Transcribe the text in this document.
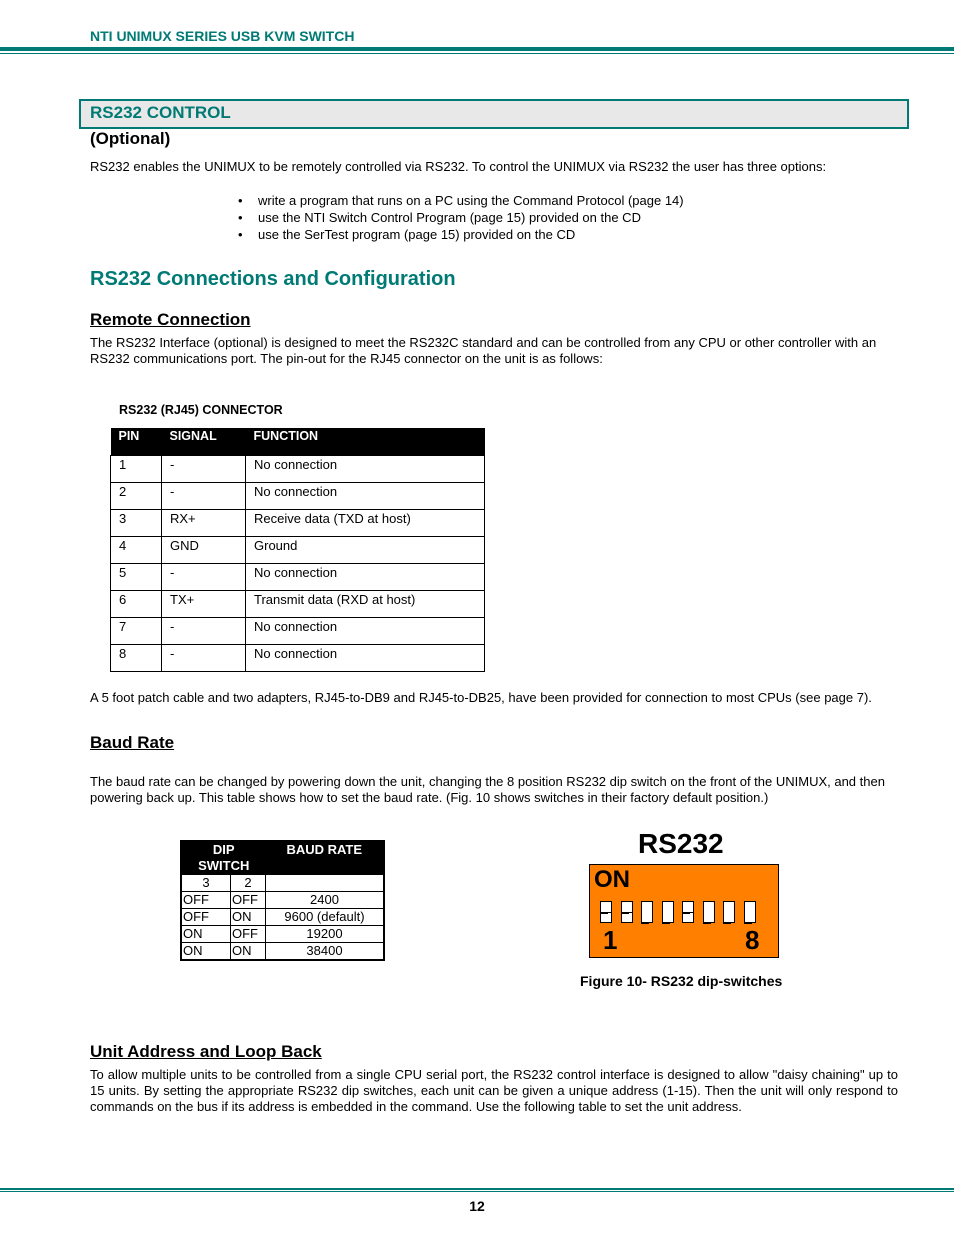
NTI UNIMUX SERIES USB KVM SWITCH
RS232 CONTROL
(Optional)
RS232 enables the UNIMUX to be remotely controlled via RS232. To control the UNIMUX via RS232 the user has three options:
• write a program that runs on a PC using the Command Protocol (page 14)
• use the NTI Switch Control Program (page 15) provided on the CD
• use the SerTest program (page 15) provided on the CD
RS232 Connections and Configuration
Remote Connection
The RS232 Interface (optional) is designed to meet the RS232C standard and can be controlled from any CPU or other controller with an RS232 communications port. The pin-out for the RJ45 connector on the unit is as follows:
RS232 (RJ45) CONNECTOR
PIN	SIGNAL	FUNCTION
1	-	No connection
2	-	No connection
3	RX+	Receive data (TXD at host)
4	GND	Ground
5	-	No connection
6	TX+	Transmit data (RXD at host)
7	-	No connection
8	-	No connection
A 5 foot patch cable and two adapters, RJ45-to-DB9 and RJ45-to-DB25, have been provided for connection to most CPUs (see page 7).
Baud Rate
The baud rate can be changed by powering down the unit, changing the 8 position RS232 dip switch on the front of the UNIMUX, and then powering back up. This table shows how to set the baud rate. (Fig. 10 shows switches in their factory default position.)
DIP SWITCH		BAUD RATE
3	2	
OFF	OFF	2400
OFF	ON	9600 (default)
ON	OFF	19200
ON	ON	38400
RS232
ON
1	8
Figure 10- RS232 dip-switches
Unit Address and Loop Back
To allow multiple units to be controlled from a single CPU serial port, the RS232 control interface is designed to allow "daisy chaining" up to 15 units. By setting the appropriate RS232 dip switches, each unit can be given a unique address (1-15). Then the unit will only respond to commands on the bus if its address is embedded in the command. Use the following table to set the unit address.
12
